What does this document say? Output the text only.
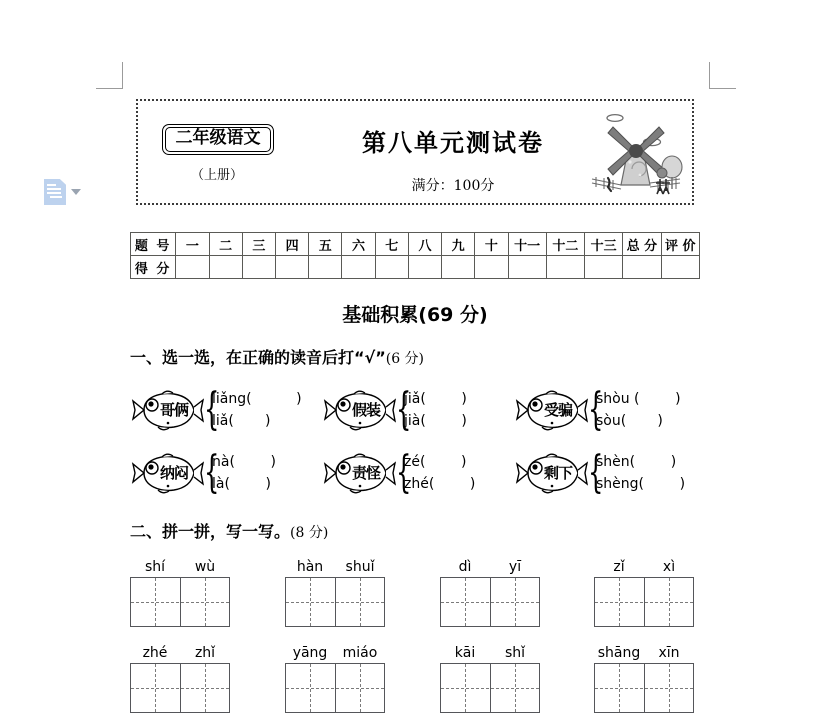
二年级语文
（上册）
第八单元测试卷
满分：100分
题 号	一	二	三	四	五	六	七	八	九	十	十一	十二	十三	总 分	评 价
得 分															
基础积累(69 分)
一、选一选，在正确的读音后打“√”(6 分)
哥俩 {
liǎng(          )
liǎ(       )
假装 {
jiǎ(        )
jià(        )
受骗 {
shòu (        )
sòu(       )
纳闷 {
nà(        )
là(        )
责怪 {
zé(        )
zhé(        )
剩下 {
shèn(        )
shèng(        )
二、拼一拼，写一写。(8 分)
shí	wù	hàn	shuǐ	dì	yī	zǐ	xì
zhé	zhǐ	yāng	miáo	kāi	shǐ	shāng	xīn
